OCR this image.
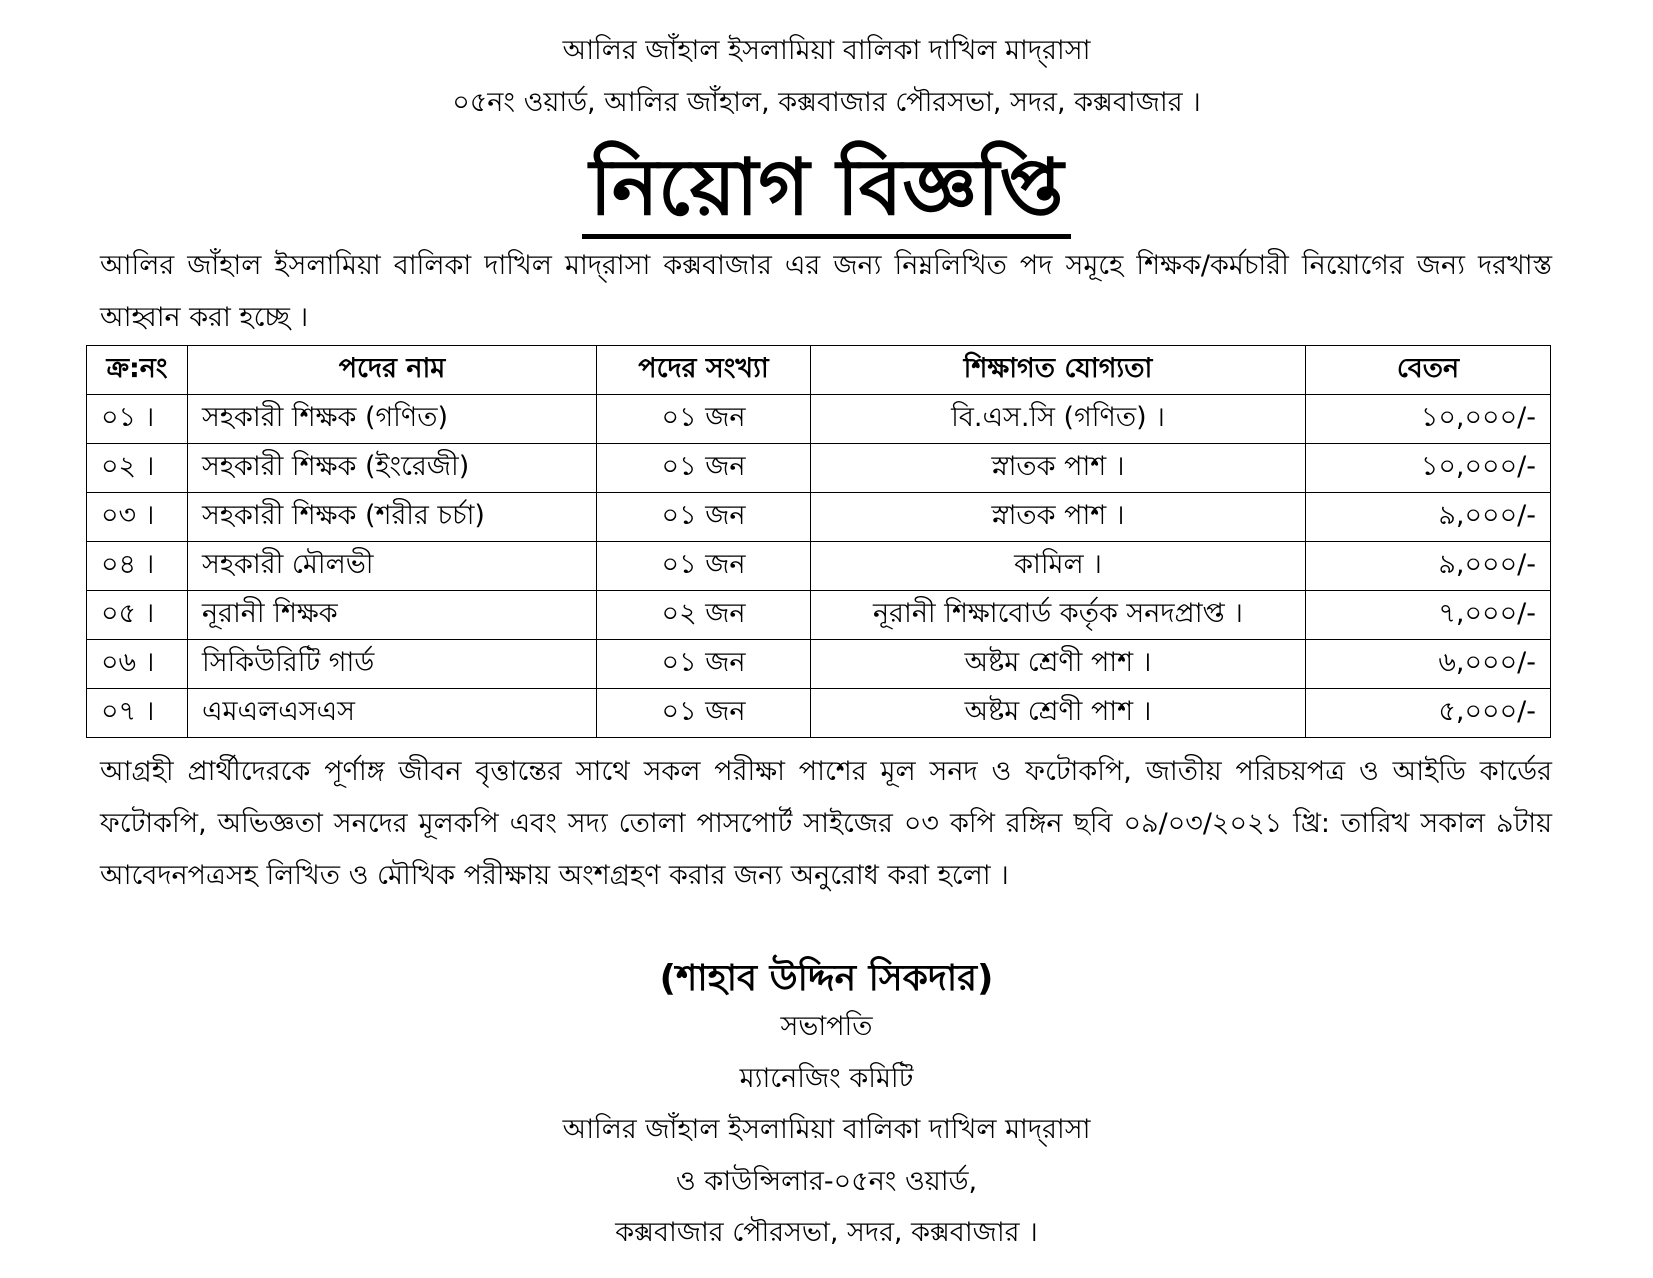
আলির জাঁহাল ইসলামিয়া বালিকা দাখিল মাদ্‌রাসা
০৫নং ওয়ার্ড, আলির জাঁহাল, কক্সবাজার পৌরসভা, সদর, কক্সবাজার ।
নিয়োগ বিজ্ঞপ্তি
আলির জাঁহাল ইসলামিয়া বালিকা দাখিল মাদ্‌রাসা কক্সবাজার এর জন্য নিম্নলিখিত পদ সমূহে শিক্ষক/কর্মচারী নিয়োগের জন্য দরখাস্ত আহ্বান করা হচ্ছে ।
ক্র:নং	পদের নাম	পদের সংখ্যা	শিক্ষাগত যোগ্যতা	বেতন
০১ ।	সহকারী শিক্ষক (গণিত)	০১ জন	বি.এস.সি (গণিত) ।	১০,০০০/-
০২ ।	সহকারী শিক্ষক (ইংরেজী)	০১ জন	স্নাতক পাশ ।	১০,০০০/-
০৩ ।	সহকারী শিক্ষক (শরীর চর্চা)	০১ জন	স্নাতক পাশ ।	৯,০০০/-
০৪ ।	সহকারী মৌলভী	০১ জন	কামিল ।	৯,০০০/-
০৫ ।	নূরানী শিক্ষক	০২ জন	নূরানী শিক্ষাবোর্ড কর্তৃক সনদপ্রাপ্ত ।	৭,০০০/-
০৬ ।	সিকিউরিটি গার্ড	০১ জন	অষ্টম শ্রেণী পাশ ।	৬,০০০/-
০৭ ।	এমএলএসএস	০১ জন	অষ্টম শ্রেণী পাশ ।	৫,০০০/-
আগ্রহী প্রার্থীদেরকে পূর্ণাঙ্গ জীবন বৃত্তান্তের সাথে সকল পরীক্ষা পাশের মূল সনদ ও ফটোকপি, জাতীয় পরিচয়পত্র ও আইডি কার্ডের ফটোকপি, অভিজ্ঞতা সনদের মূলকপি এবং সদ্য তোলা পাসপোর্ট সাইজের ০৩ কপি রঙ্গিন ছবি ০৯/০৩/২০২১ খ্রি: তারিখ সকাল ৯টায় আবেদনপত্রসহ লিখিত ও মৌখিক পরীক্ষায় অংশগ্রহণ করার জন্য অনুরোধ করা হলো ।
(শাহাব উদ্দিন সিকদার)
সভাপতি
ম্যানেজিং কমিটি
আলির জাঁহাল ইসলামিয়া বালিকা দাখিল মাদ্‌রাসা
ও কাউন্সিলার-০৫নং ওয়ার্ড,
কক্সবাজার পৌরসভা, সদর, কক্সবাজার ।
